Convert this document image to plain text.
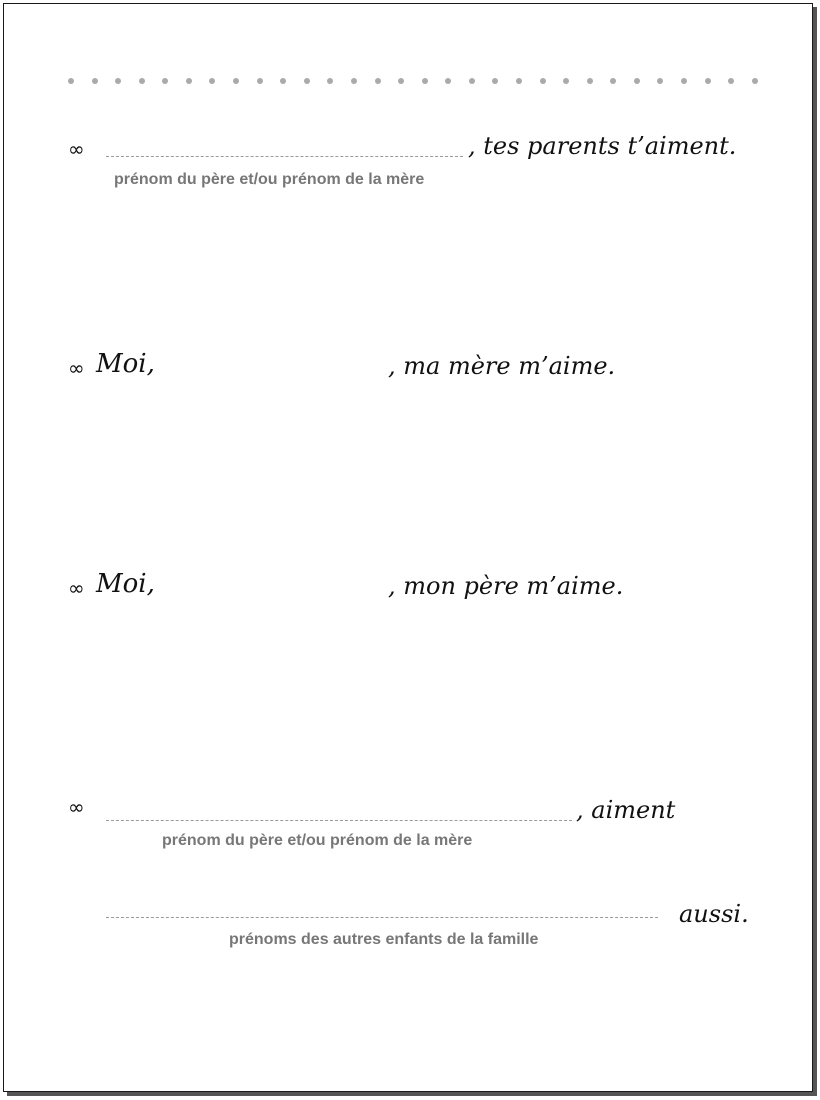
∞	, tes parents t’aiment.
prénom du père et/ou prénom de la mère
∞ Moi,	, ma mère m’aime.
∞ Moi,	, mon père m’aime.
∞	, aiment
prénom du père et/ou prénom de la mère
aussi.
prénoms des autres enfants de la famille
